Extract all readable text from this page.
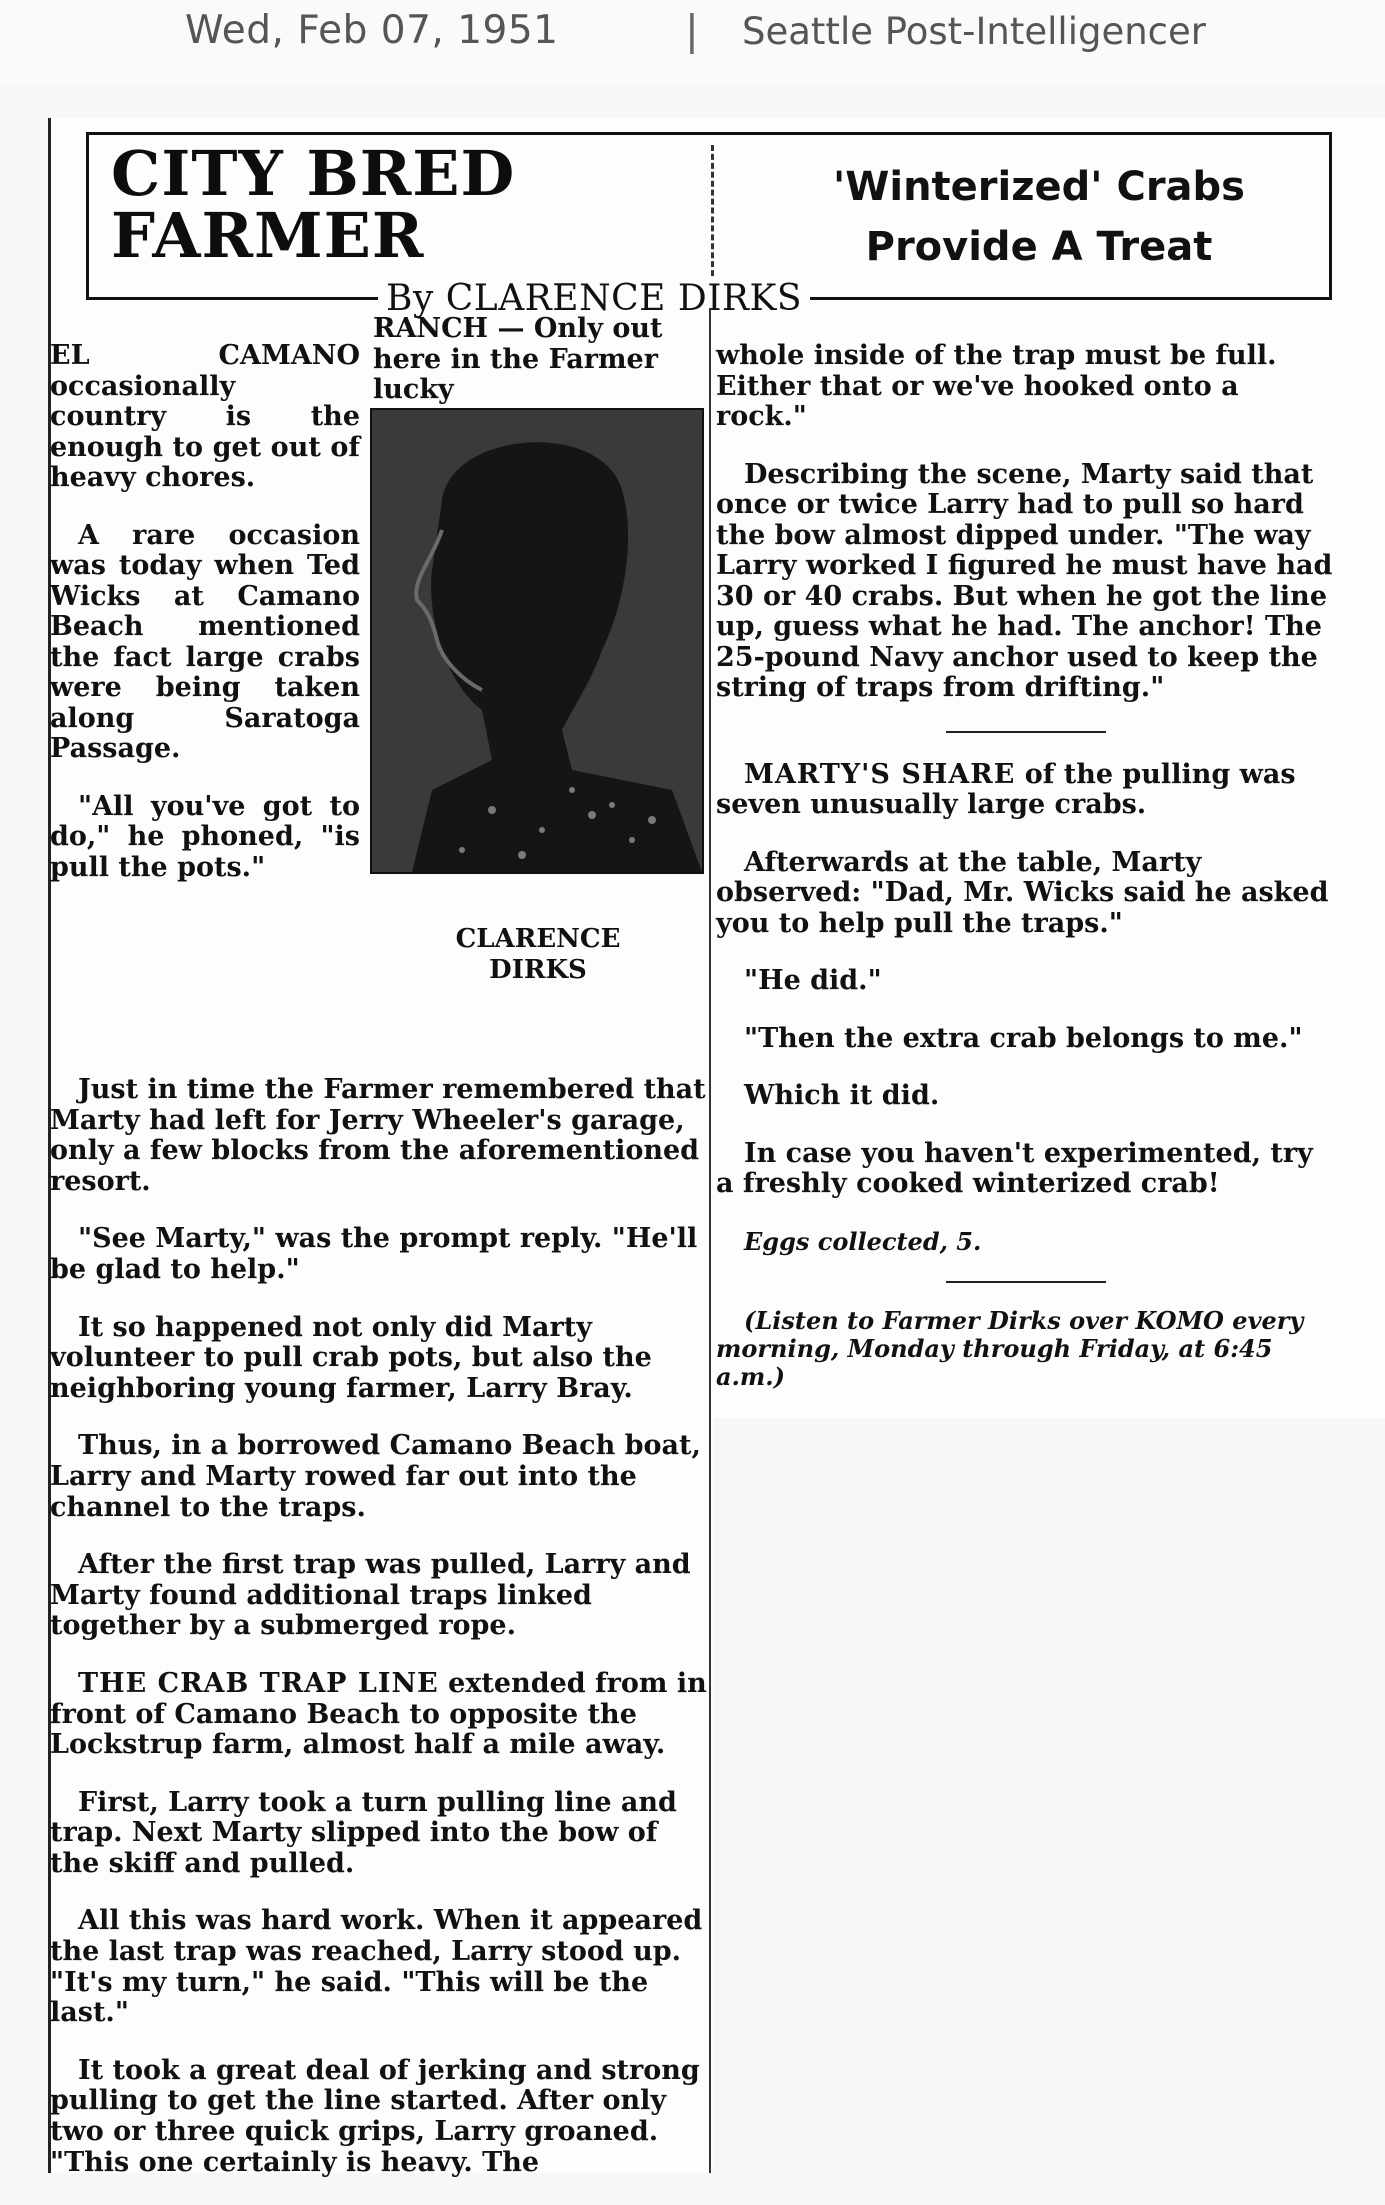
Wed, Feb 07, 1951	| Seattle Post-Intelligencer
CITY BRED
FARMER
'Winterized' Crabs
Provide A Treat
By CLARENCE DIRKS

EL CAMANO occasionally country is the enough to get out of heavy chores.

A rare occasion was today when Ted Wicks at Camano Beach mentioned the fact large crabs were being taken along Saratoga Passage.

"All you've got to do," he phoned, "is pull the pots."

RANCH — Only out here in the Farmer lucky
CLARENCE
DIRKS

Just in time the Farmer remembered that Marty had left for Jerry Wheeler's garage, only a few blocks from the aforementioned resort.

"See Marty," was the prompt reply. "He'll be glad to help."

It so happened not only did Marty volunteer to pull crab pots, but also the neighboring young farmer, Larry Bray.

Thus, in a borrowed Camano Beach boat, Larry and Marty rowed far out into the channel to the traps.

After the first trap was pulled, Larry and Marty found additional traps linked together by a submerged rope.

THE CRAB TRAP LINE extended from in front of Camano Beach to opposite the Lockstrup farm, almost half a mile away.

First, Larry took a turn pulling line and trap. Next Marty slipped into the bow of the skiff and pulled.

All this was hard work. When it appeared the last trap was reached, Larry stood up. "It's my turn," he said. "This will be the last."

It took a great deal of jerking and strong pulling to get the line started. After only two or three quick grips, Larry groaned. "This one certainly is heavy. The

whole inside of the trap must be full. Either that or we've hooked onto a rock."

Describing the scene, Marty said that once or twice Larry had to pull so hard the bow almost dipped under. "The way Larry worked I figured he must have had 30 or 40 crabs. But when he got the line up, guess what he had. The anchor! The 25-pound Navy anchor used to keep the string of traps from drifting."

MARTY'S SHARE of the pulling was seven unusually large crabs.

Afterwards at the table, Marty observed: "Dad, Mr. Wicks said he asked you to help pull the traps."

"He did."

"Then the extra crab belongs to me."

Which it did.

In case you haven't experimented, try a freshly cooked winterized crab!

Eggs collected, 5.

(Listen to Farmer Dirks over KOMO every morning, Monday through Friday, at 6:45 a.m.)
